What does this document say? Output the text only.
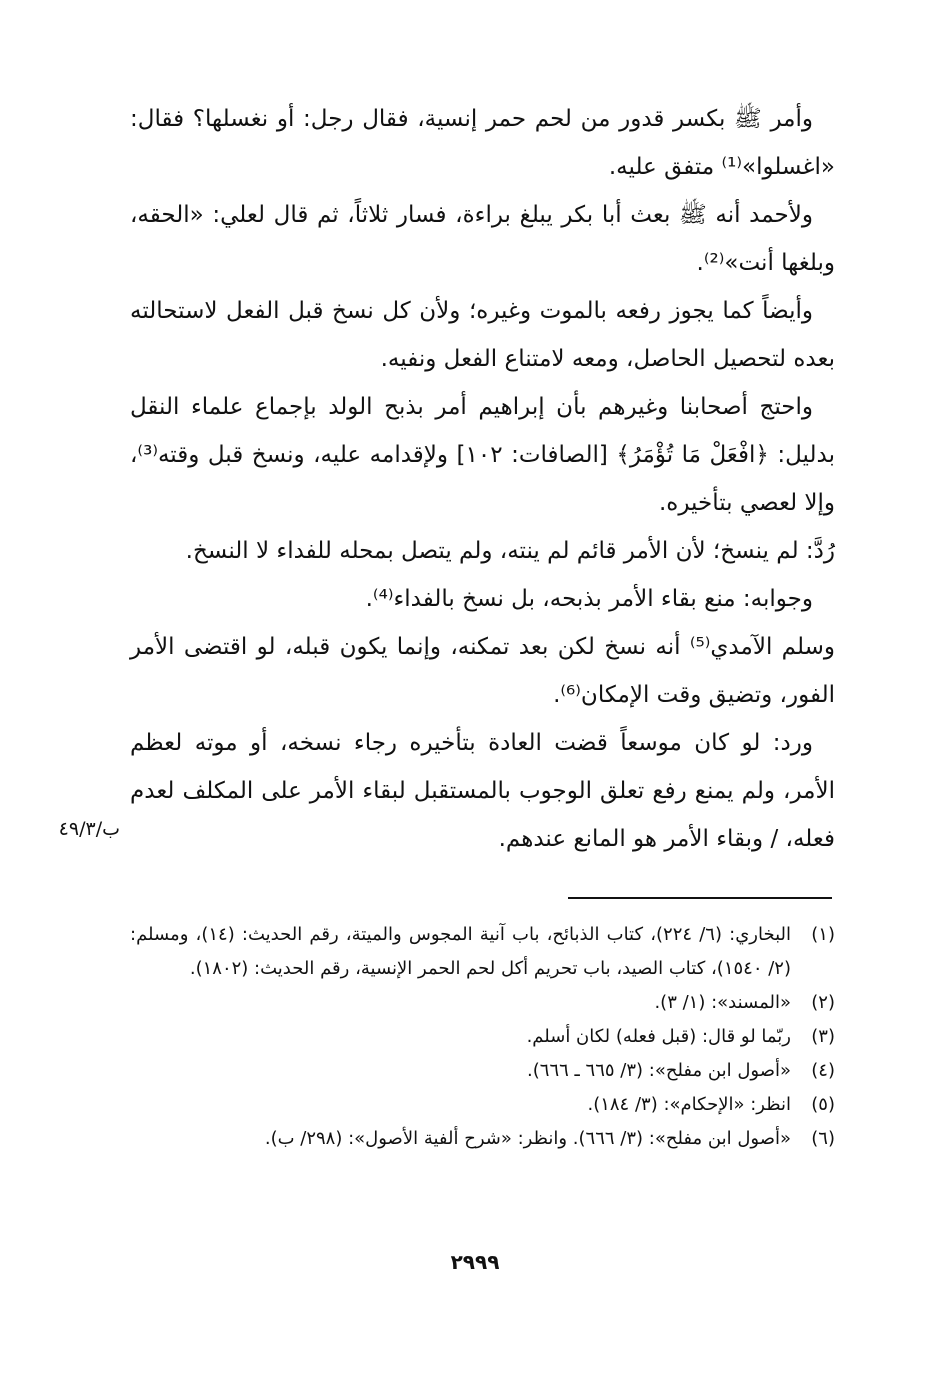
وأمر ﷺ بكسر قدور من لحم حمر إنسية، فقال رجل: أو نغسلها؟ فقال: «اغسلوا»⁽¹⁾ متفق عليه.

ولأحمد أنه ﷺ بعث أبا بكر يبلغ براءة، فسار ثلاثاً، ثم قال لعلي: «الحقه، وبلغها أنت»⁽²⁾.

وأيضاً كما يجوز رفعه بالموت وغيره؛ ولأن كل نسخ قبل الفعل لاستحالته بعده لتحصيل الحاصل، ومعه لامتناع الفعل ونفيه.

واحتج أصحابنا وغيرهم بأن إبراهيم أمر بذبح الولد بإجماع علماء النقل بدليل: ﴿افْعَلْ مَا تُؤْمَرُ﴾ [الصافات: ١٠٢] ولإقدامه عليه، ونسخ قبل وقته⁽³⁾، وإلا لعصي بتأخيره.

رُدَّ: لم ينسخ؛ لأن الأمر قائم لم ينته، ولم يتصل بمحله للفداء لا النسخ.

وجوابه: منع بقاء الأمر بذبحه، بل نسخ بالفداء⁽⁴⁾.

وسلم الآمدي⁽⁵⁾ أنه نسخ لكن بعد تمكنه، وإنما يكون قبله، لو اقتضى الأمر الفور، وتضيق وقت الإمكان⁽⁶⁾.

ورد: لو كان موسعاً قضت العادة بتأخيره رجاء نسخه، أو موته لعظم الأمر، ولم يمنع رفع تعلق الوجوب بالمستقبل لبقاء الأمر على المكلف لعدم فعله، / وبقاء الأمر هو المانع عندهم.

ب/٤٩/٣
(١)
البخاري: (٦/ ٢٢٤)، كتاب الذبائح، باب آنية المجوس والميتة، رقم الحديث: (١٤)، ومسلم: (٢/ ١٥٤٠)، كتاب الصيد، باب تحريم أكل لحم الحمر الإنسية، رقم الحديث: (١٨٠٢).
(٢)
«المسند»: (١/ ٣).
(٣)
ربّما لو قال: (قبل فعله) لكان أسلم.
(٤)
«أصول ابن مفلح»: (٣/ ٦٦٥ ـ ٦٦٦).
(٥)
انظر: «الإحكام»: (٣/ ١٨٤).
(٦)
«أصول ابن مفلح»: (٣/ ٦٦٦). وانظر: «شرح ألفية الأصول»: (٢٩٨/ ب).
٢٩٩٩
